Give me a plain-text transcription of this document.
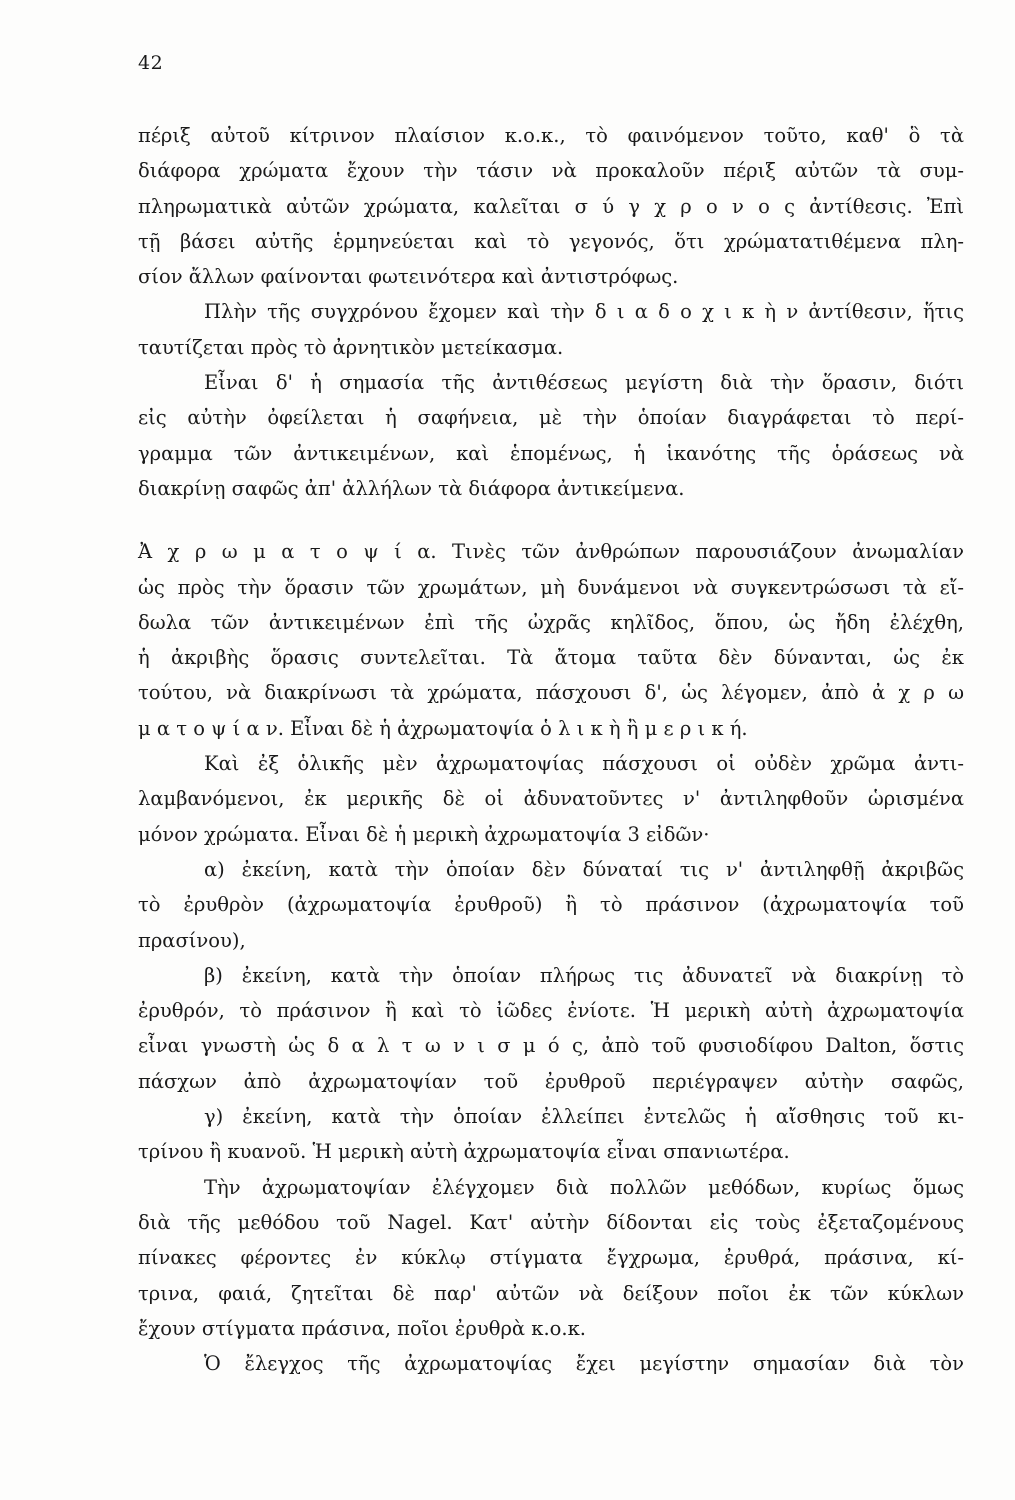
42
πέριξ αὐτοῦ κίτρινον πλαίσιον κ.ο.κ., τὸ φαινόμενον τοῦτο, καθ' ὃ τὰ
διάφορα χρώματα ἔχουν τὴν τάσιν νὰ προκαλοῦν πέριξ αὐτῶν τὰ συμ-
πληρωματικὰ αὐτῶν χρώματα, καλεῖται σ ύ γ χ ρ ο ν ο ς ἀντίθεσις. Ἐπὶ
τῇ βάσει αὐτῆς ἑρμηνεύεται καὶ τὸ γεγονός, ὅτι χρώματατιθέμενα πλη-
σίον ἄλλων φαίνονται φωτεινότερα καὶ ἀντιστρόφως.
Πλὴν τῆς συγχρόνου ἔχομεν καὶ τὴν δ ι α δ ο χ ι κ ὴ ν ἀντίθεσιν, ἥτις
ταυτίζεται πρὸς τὸ ἀρνητικὸν μετείκασμα.
Εἶναι δ' ἡ σημασία τῆς ἀντιθέσεως μεγίστη διὰ τὴν ὅρασιν, διότι
εἰς αὐτὴν ὀφείλεται ἡ σαφήνεια, μὲ τὴν ὁποίαν διαγράφεται τὸ περί-
γραμμα τῶν ἀντικειμένων, καὶ ἑπομένως, ἡ ἱκανότης τῆς ὁράσεως νὰ
διακρίνῃ σαφῶς ἀπ' ἀλλήλων τὰ διάφορα ἀντικείμενα.
Ἀ χ ρ ω μ α τ ο ψ ί α. Τινὲς τῶν ἀνθρώπων παρουσιάζουν ἀνωμαλίαν
ὡς πρὸς τὴν ὅρασιν τῶν χρωμάτων, μὴ δυνάμενοι νὰ συγκεντρώσωσι τὰ εἴ-
δωλα τῶν ἀντικειμένων ἐπὶ τῆς ὠχρᾶς κηλῖδος, ὅπου, ὡς ἤδη ἐλέχθη,
ἡ ἀκριβὴς ὅρασις συντελεῖται. Τὰ ἄτομα ταῦτα δὲν δύνανται, ὡς ἐκ
τούτου, νὰ διακρίνωσι τὰ χρώματα, πάσχουσι δ', ὡς λέγομεν, ἀπὸ ἀ χ ρ ω
μ α τ ο ψ ί α ν. Εἶναι δὲ ἡ ἀχρωματοψία ὁ λ ι κ ὴ ἢ μ ε ρ ι κ ή.
Καὶ ἐξ ὁλικῆς μὲν ἀχρωματοψίας πάσχουσι οἱ οὐδὲν χρῶμα ἀντι-
λαμβανόμενοι, ἐκ μερικῆς δὲ οἱ ἀδυνατοῦντες ν' ἀντιληφθοῦν ὡρισμένα
μόνον χρώματα. Εἶναι δὲ ἡ μερικὴ ἀχρωματοψία 3 εἰδῶν·
α) ἐκείνη, κατὰ τὴν ὁποίαν δὲν δύναταί τις ν' ἀντιληφθῇ ἀκριβῶς
τὸ ἐρυθρὸν (ἀχρωματοψία ἐρυθροῦ) ἢ τὸ πράσινον (ἀχρωματοψία τοῦ
πρασίνου),
β) ἐκείνη, κατὰ τὴν ὁποίαν πλήρως τις ἀδυνατεῖ νὰ διακρίνῃ τὸ
ἐρυθρόν, τὸ πράσινον ἢ καὶ τὸ ἰῶδες ἐνίοτε. Ἡ μερικὴ αὐτὴ ἀχρωματοψία
εἶναι γνωστὴ ὡς δ α λ τ ω ν ι σ μ ό ς, ἀπὸ τοῦ φυσιοδίφου Dalton, ὅστις
πάσχων ἀπὸ ἀχρωματοψίαν τοῦ ἐρυθροῦ περιέγραψεν αὐτὴν σαφῶς,
γ) ἐκείνη, κατὰ τὴν ὁποίαν ἐλλείπει ἐντελῶς ἡ αἴσθησις τοῦ κι-
τρίνου ἢ κυανοῦ. Ἡ μερικὴ αὐτὴ ἀχρωματοψία εἶναι σπανιωτέρα.
Τὴν ἀχρωματοψίαν ἐλέγχομεν διὰ πολλῶν μεθόδων, κυρίως ὅμως
διὰ τῆς μεθόδου τοῦ Nagel. Κατ' αὐτὴν δίδονται εἰς τοὺς ἐξεταζομένους
πίνακες φέροντες ἐν κύκλῳ στίγματα ἔγχρωμα, ἐρυθρά, πράσινα, κί-
τρινα, φαιά, ζητεῖται δὲ παρ' αὐτῶν νὰ δείξουν ποῖοι ἐκ τῶν κύκλων
ἔχουν στίγματα πράσινα, ποῖοι ἐρυθρὰ κ.ο.κ.
Ὁ ἔλεγχος τῆς ἀχρωματοψίας ἔχει μεγίστην σημασίαν διὰ τὸν
